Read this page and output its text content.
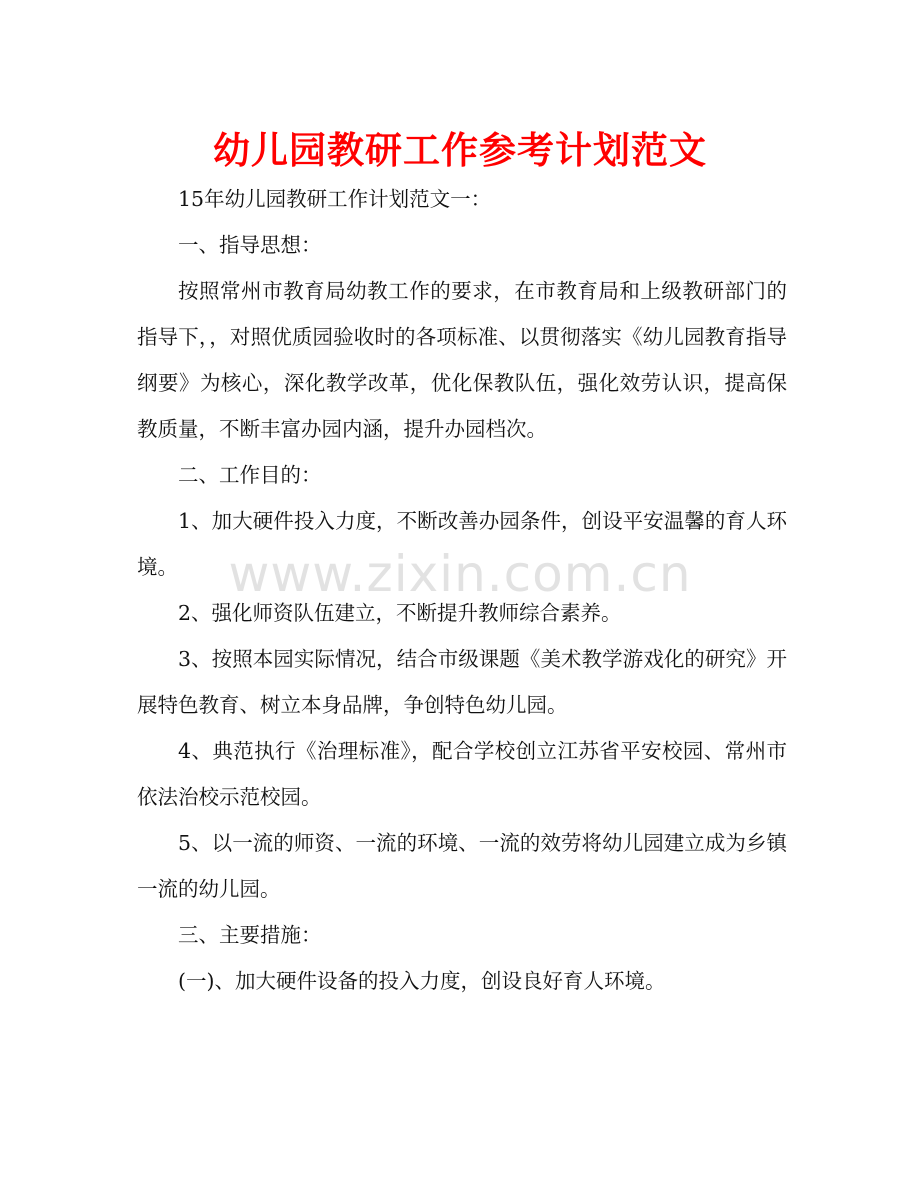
幼儿园教研工作参考计划范文

15年幼儿园教研工作计划范文一：

一、指导思想：

按照常州市教育局幼教工作的要求，在市教育局和上级教研部门的指导下，，对照优质园验收时的各项标准、以贯彻落实《幼儿园教育指导纲要》为核心，深化教学改革，优化保教队伍，强化效劳认识，提高保教质量，不断丰富办园内涵，提升办园档次。

二、工作目的：

1、加大硬件投入力度，不断改善办园条件，创设平安温馨的育人环境。

2、强化师资队伍建立，不断提升教师综合素养。

3、按照本园实际情况，结合市级课题《美术教学游戏化的研究》开展特色教育、树立本身品牌，争创特色幼儿园。

4、典范执行《治理标准》，配合学校创立江苏省平安校园、常州市依法治校示范校园。

5、以一流的师资、一流的环境、一流的效劳将幼儿园建立成为乡镇一流的幼儿园。

三、主要措施：

(一)、加大硬件设备的投入力度，创设良好育人环境。

www.zixin.com.cn
